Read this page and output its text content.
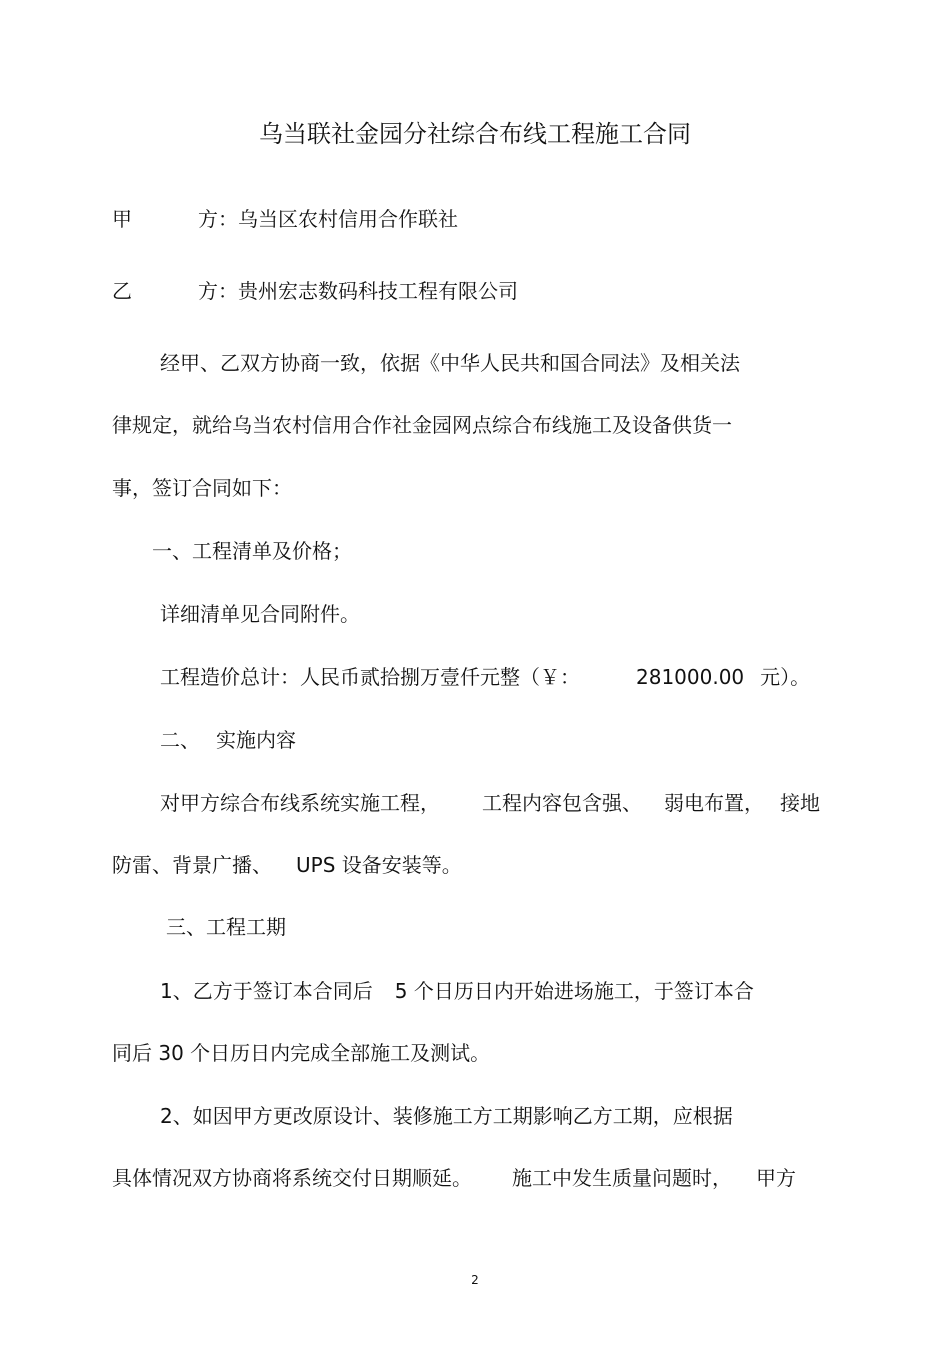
乌当联社金园分社综合布线工程施工合同
甲	方：乌当区农村信用合作联社
乙	方：贵州宏志数码科技工程有限公司
经甲、乙双方协商一致，依据《中华人民共和国合同法》及相关法
律规定，就给乌当农村信用合作社金园网点综合布线施工及设备供货一
事，签订合同如下：
一、工程清单及价格；
详细清单见合同附件。
工程造价总计：人民币贰拾捌万壹仟元整（￥：	281000.00 元）。
二、 实施内容
对甲方综合布线系统实施工程， 工程内容包含强、 弱电布置， 接地
防雷、背景广播、 UPS 设备安装等。
三、工程工期
1、乙方于签订本合同后 5 个日历日内开始进场施工，于签订本合
同后 30 个日历日内完成全部施工及测试。
2、如因甲方更改原设计、装修施工方工期影响乙方工期，应根据
具体情况双方协商将系统交付日期顺延。 施工中发生质量问题时， 甲方
2
